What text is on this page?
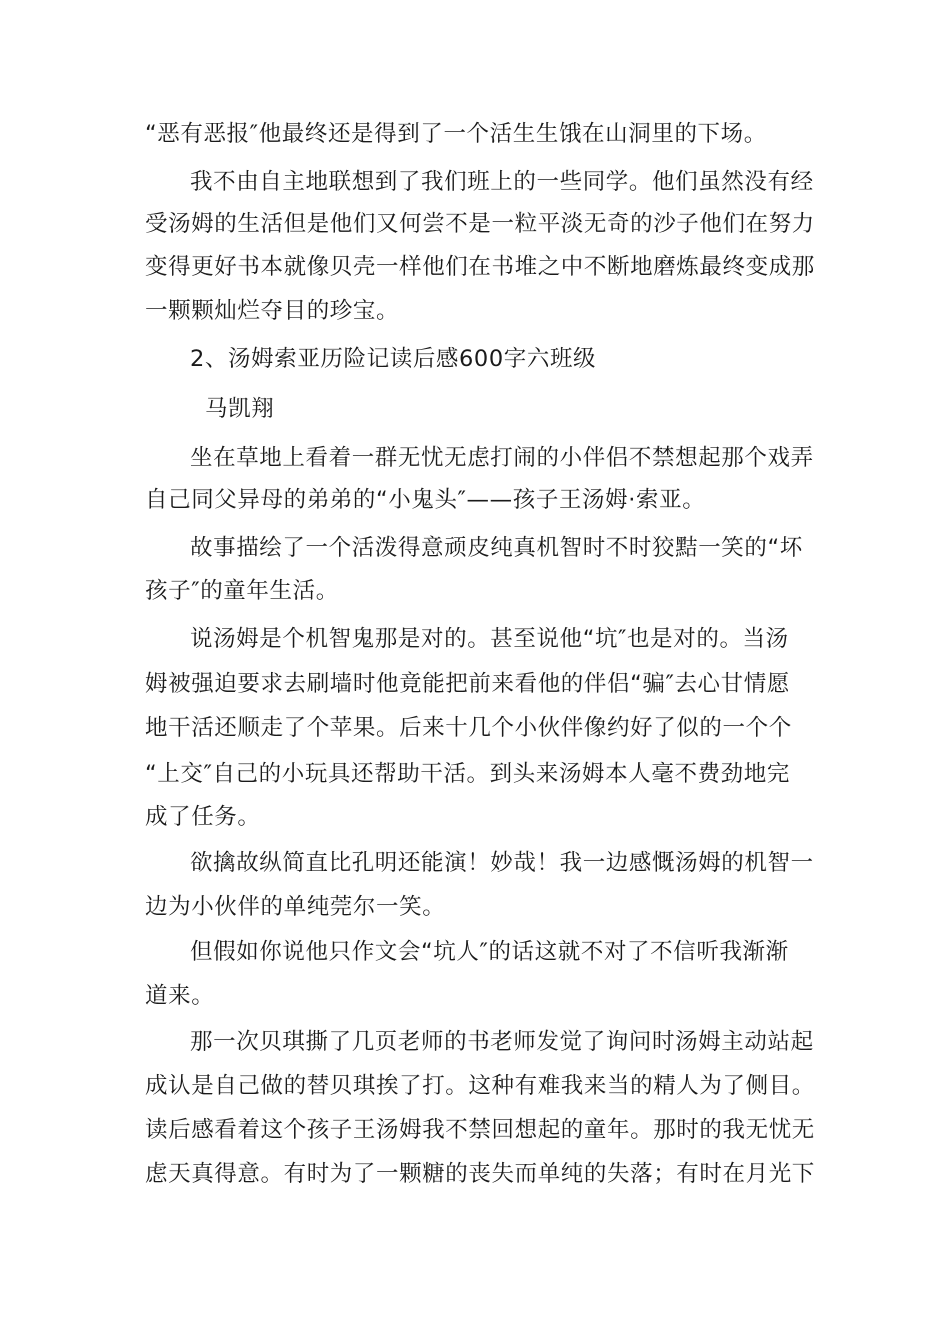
“恶有恶报″他最终还是得到了一个活生生饿在山洞里的下场。
我不由自主地联想到了我们班上的一些同学。他们虽然没有经
受汤姆的生活但是他们又何尝不是一粒平淡无奇的沙子他们在努力
变得更好书本就像贝壳一样他们在书堆之中不断地磨炼最终变成那
一颗颗灿烂夺目的珍宝。
2、汤姆索亚历险记读后感600字六班级
马凯翔
坐在草地上看着一群无忧无虑打闹的小伴侣不禁想起那个戏弄
自己同父异母的弟弟的“小鬼头″——孩子王汤姆·索亚。
故事描绘了一个活泼得意顽皮纯真机智时不时狡黠一笑的“坏
孩子″的童年生活。
说汤姆是个机智鬼那是对的。甚至说他“坑″也是对的。当汤
姆被强迫要求去刷墙时他竟能把前来看他的伴侣“骗″去心甘情愿
地干活还顺走了个苹果。后来十几个小伙伴像约好了似的一个个
“上交″自己的小玩具还帮助干活。到头来汤姆本人毫不费劲地完
成了任务。
欲擒故纵简直比孔明还能演！妙哉！我一边感慨汤姆的机智一
边为小伙伴的单纯莞尔一笑。
但假如你说他只作文会“坑人″的话这就不对了不信听我渐渐
道来。
那一次贝琪撕了几页老师的书老师发觉了询问时汤姆主动站起
成认是自己做的替贝琪挨了打。这种有难我来当的精人为了侧目。
读后感看着这个孩子王汤姆我不禁回想起的童年。那时的我无忧无
虑天真得意。有时为了一颗糖的丧失而单纯的失落；有时在月光下
